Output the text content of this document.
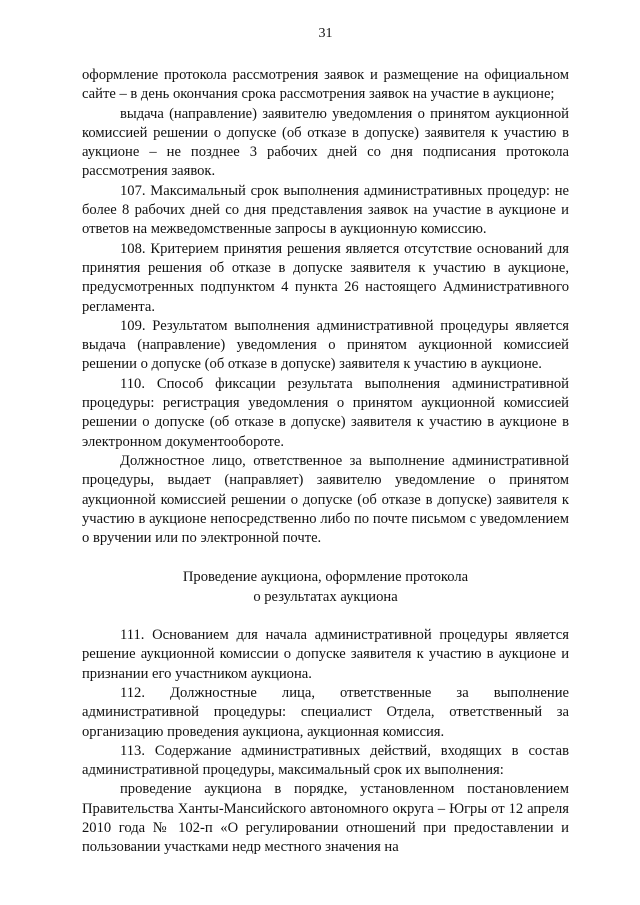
31

оформление протокола рассмотрения заявок и размещение на официальном сайте – в день окончания срока рассмотрения заявок на участие в аукционе;

выдача (направление) заявителю уведомления о принятом аукционной комиссией решении о допуске (об отказе в допуске) заявителя к участию в аукционе – не позднее 3 рабочих дней со дня подписания протокола рассмотрения заявок.

107. Максимальный срок выполнения административных процедур: не более 8 рабочих дней со дня представления заявок на участие в аукционе и ответов на межведомственные запросы в аукционную комиссию.

108. Критерием принятия решения является отсутствие оснований для принятия решения об отказе в допуске заявителя к участию в аукционе, предусмотренных подпунктом 4 пункта 26 настоящего Административного регламента.

109. Результатом выполнения административной процедуры является выдача (направление) уведомления о принятом аукционной комиссией решении о допуске (об отказе в допуске) заявителя к участию в аукционе.

110. Способ фиксации результата выполнения административной процедуры: регистрация уведомления о принятом аукционной комиссией решении о допуске (об отказе в допуске) заявителя к участию в аукционе в электронном документообороте.

Должностное лицо, ответственное за выполнение административной процедуры, выдает (направляет) заявителю уведомление о принятом аукционной комиссией решении о допуске (об отказе в допуске) заявителя к участию в аукционе непосредственно либо по почте письмом с уведомлением о вручении или по электронной почте.

Проведение аукциона, оформление протокола
о результатах аукциона

111. Основанием для начала административной процедуры является решение аукционной комиссии о допуске заявителя к участию в аукционе и признании его участником аукциона.

112. Должностные лица, ответственные за выполнение административной процедуры: специалист Отдела, ответственный за организацию проведения аукциона, аукционная комиссия.

113. Содержание административных действий, входящих в состав административной процедуры, максимальный срок их выполнения:

проведение аукциона в порядке, установленном постановлением Правительства Ханты-Мансийского автономного округа – Югры от 12 апреля 2010 года № 102-п «О регулировании отношений при предоставлении и пользовании участками недр местного значения на
